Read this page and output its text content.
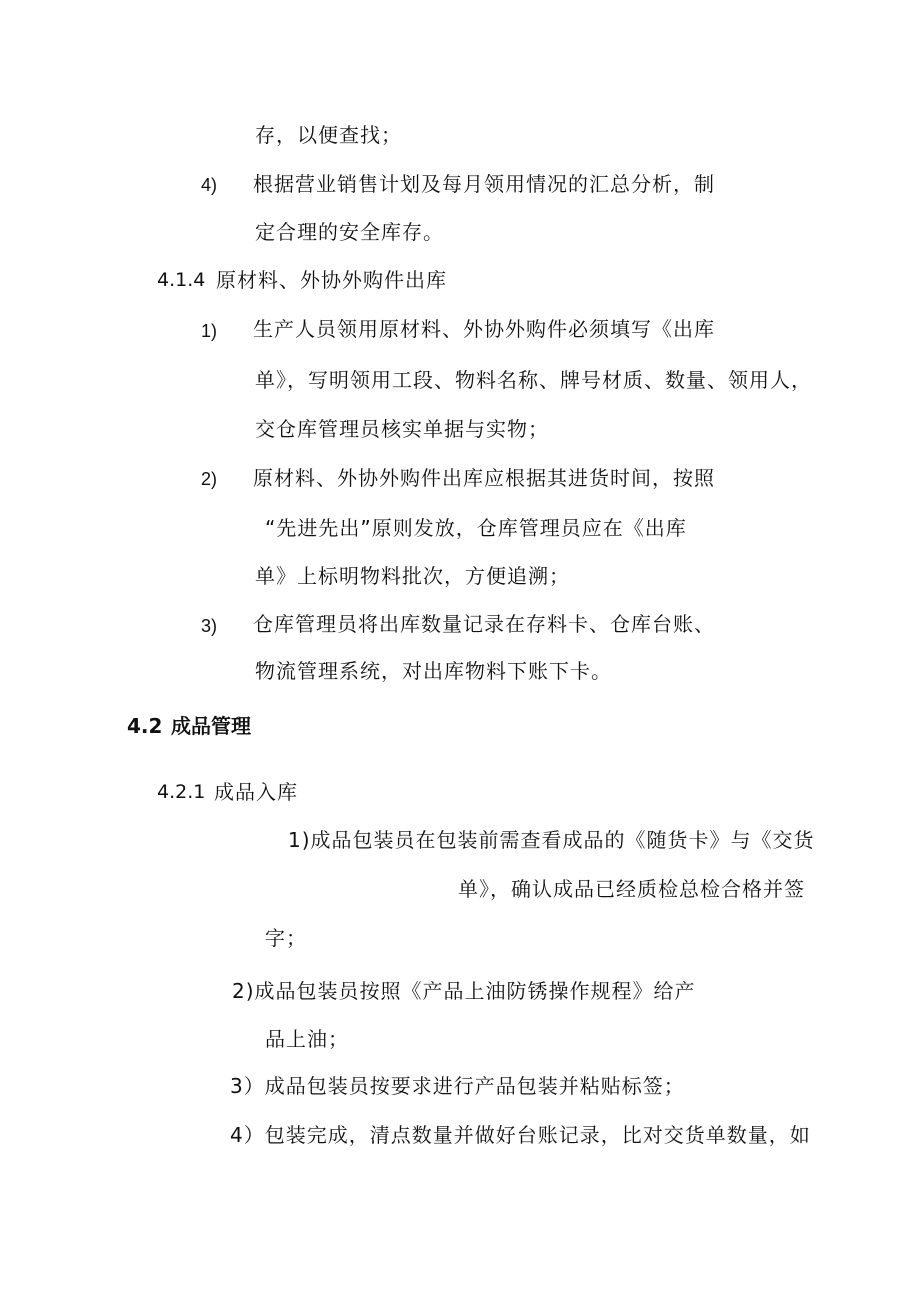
存，以便查找；
4) 根据营业销售计划及每月领用情况的汇总分析，制
定合理的安全库存。
4.1.4 原材料、外协外购件出库
1) 生产人员领用原材料、外协外购件必须填写《出库
单》，写明领用工段、物料名称、牌号材质、数量、领用人，
交仓库管理员核实单据与实物；
2) 原材料、外协外购件出库应根据其进货时间，按照
“先进先出”原则发放，仓库管理员应在《出库
单》上标明物料批次，方便追溯；
3) 仓库管理员将出库数量记录在存料卡、仓库台账、
物流管理系统，对出库物料下账下卡。
4.2 成品管理
4.2.1 成品入库
1)成品包装员在包装前需查看成品的《随货卡》与《交货
单》，确认成品已经质检总检合格并签
字；
2)成品包装员按照《产品上油防锈操作规程》给产
品上油；
3）成品包装员按要求进行产品包装并粘贴标签；
4）包装完成，清点数量并做好台账记录，比对交货单数量，如
